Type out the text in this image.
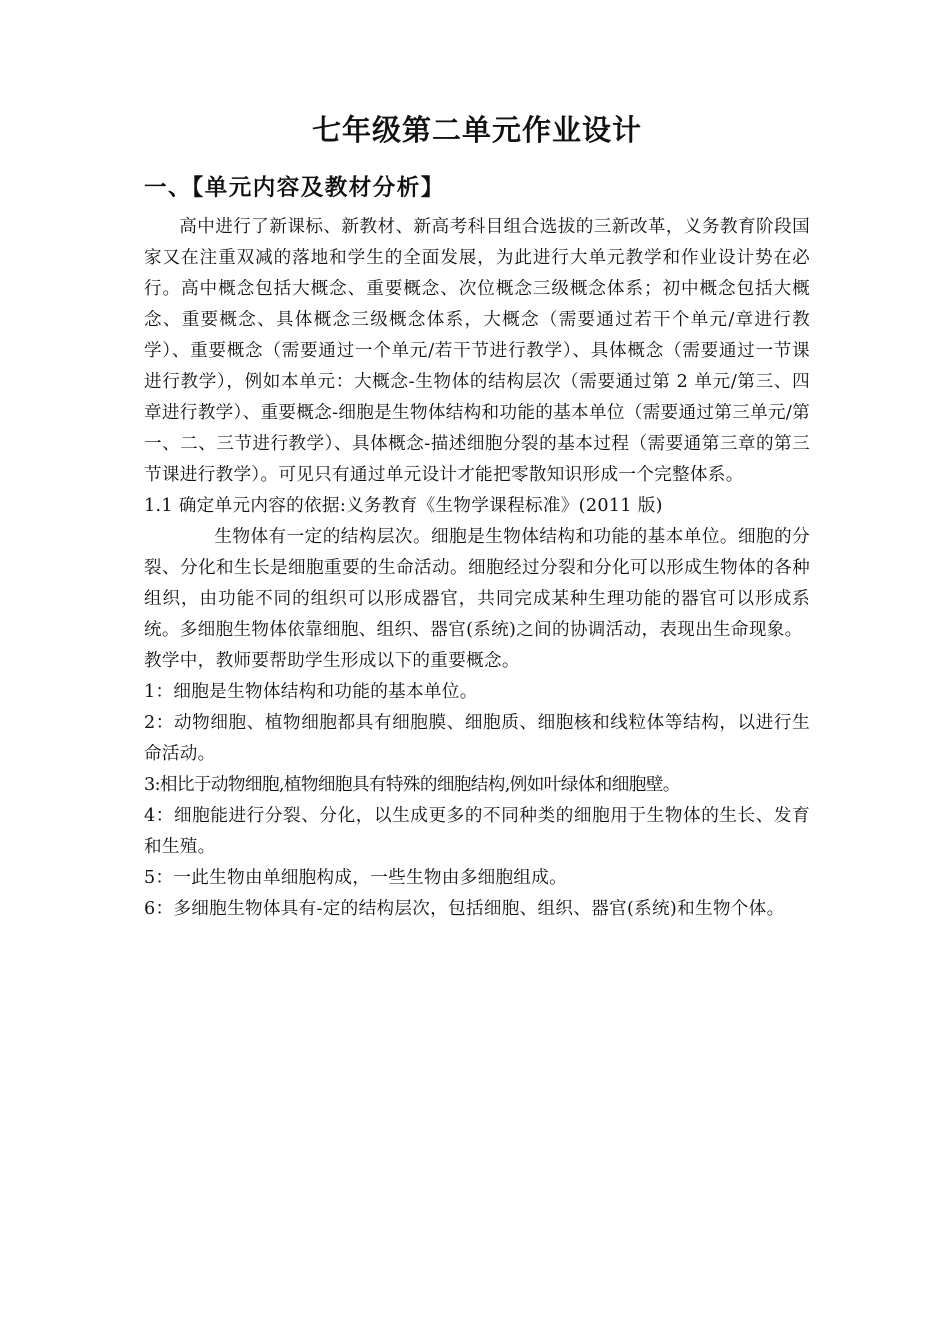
七年级第二单元作业设计
一、【单元内容及教材分析】

高中进行了新课标、新教材、新高考科目组合选拔的三新改革，义务教育阶段国家又在注重双减的落地和学生的全面发展，为此进行大单元教学和作业设计势在必行。高中概念包括大概念、重要概念、次位概念三级概念体系；初中概念包括大概念、重要概念、具体概念三级概念体系，大概念（需要通过若干个单元/章进行教学）、重要概念（需要通过一个单元/若干节进行教学）、具体概念（需要通过一节课进行教学），例如本单元：大概念-生物体的结构层次（需要通过第 2 单元/第三、四章进行教学）、重要概念-细胞是生物体结构和功能的基本单位（需要通过第三单元/第一、二、三节进行教学）、具体概念-描述细胞分裂的基本过程（需要通第三章的第三节课进行教学）。可见只有通过单元设计才能把零散知识形成一个完整体系。

1.1 确定单元内容的依据:义务教育《生物学课程标准》(2011 版)

生物体有一定的结构层次。细胞是生物体结构和功能的基本单位。细胞的分裂、分化和生长是细胞重要的生命活动。细胞经过分裂和分化可以形成生物体的各种组织，由功能不同的组织可以形成器官，共同完成某种生理功能的器官可以形成系统。多细胞生物体依靠细胞、组织、器官(系统)之间的协调活动，表现出生命现象。

教学中，教师要帮助学生形成以下的重要概念。

1：细胞是生物体结构和功能的基本单位。

2：动物细胞、植物细胞都具有细胞膜、细胞质、细胞核和线粒体等结构，以进行生命活动。

3:相比于动物细胞,植物细胞具有特殊的细胞结构,例如叶绿体和细胞壁。

4：细胞能进行分裂、分化，以生成更多的不同种类的细胞用于生物体的生长、发育和生殖。

5：一此生物由单细胞构成，一些生物由多细胞组成。

6：多细胞生物体具有-定的结构层次，包括细胞、组织、器官(系统)和生物个体。
